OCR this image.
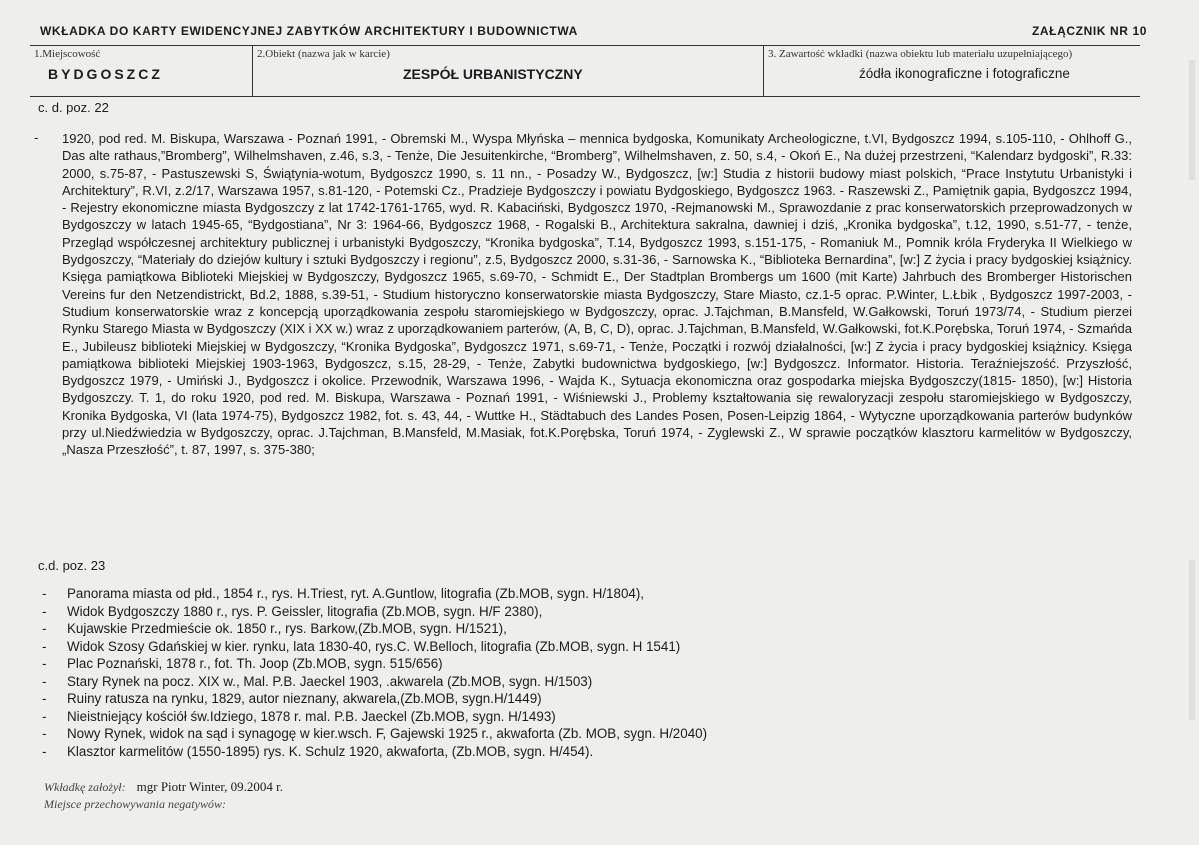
WKŁADKA DO KARTY EWIDENCYJNEJ ZABYTKÓW ARCHITEKTURY I BUDOWNICTWA	ZAŁĄCZNIK NR 10
1.Miejscowość
BYDGOSZCZ
2.Obiekt (nazwa jak w karcie)
ZESPÓŁ URBANISTYCZNY
3. Zawartość wkładki (nazwa obiektu lub materiału uzupełniającego)
źódła ikonograficzne i fotograficzne
c. d. poz. 22
- 1920, pod red. M. Biskupa, Warszawa - Poznań 1991, - Obremski M., Wyspa Młyńska – mennica bydgoska, Komunikaty Archeologiczne, t.VI, Bydgoszcz 1994, s.105-110, - Ohlhoff G., Das alte rathaus,”Bromberg”, Wilhelmshaven, z.46, s.3, - Tenże, Die Jesuitenkirche, “Bromberg”, Wilhelmshaven, z. 50, s.4, - Okoń E., Na dużej przestrzeni, “Kalendarz bydgoski”, R.33: 2000, s.75-87, - Pastuszewski S, Świątynia-wotum, Bydgoszcz 1990, s. 11 nn., - Posadzy W., Bydgoszcz, [w:] Studia z historii budowy miast polskich, “Prace Instytutu Urbanistyki i Architektury”, R.VI, z.2/17, Warszawa 1957, s.81-120, - Potemski Cz., Pradzieje Bydgoszczy i powiatu Bydgoskiego, Bydgoszcz 1963. - Raszewski Z., Pamiętnik gapia, Bydgoszcz 1994, - Rejestry ekonomiczne miasta Bydgoszczy z lat 1742-1761-1765, wyd. R. Kabaciński, Bydgoszcz 1970, -Rejmanowski M., Sprawozdanie z prac konserwatorskich przeprowadzonych w Bydgoszczy w latach 1945-65, “Bydgostiana”, Nr 3: 1964-66, Bydgoszcz 1968, - Rogalski B., Architektura sakralna, dawniej i dziś, „Kronika bydgoska”, t.12, 1990, s.51-77, - tenże, Przegląd współczesnej architektury publicznej i urbanistyki Bydgoszczy, “Kronika bydgoska”, T.14, Bydgoszcz 1993, s.151-175, - Romaniuk M., Pomnik króla Fryderyka II Wielkiego w Bydgoszczy, “Materiały do dziejów kultury i sztuki Bydgoszczy i regionu”, z.5, Bydgoszcz 2000, s.31-36, - Sarnowska K., “Biblioteka Bernardina”, [w:] Z życia i pracy bydgoskiej książnicy. Księga pamiątkowa Biblioteki Miejskiej w Bydgoszczy, Bydgoszcz 1965, s.69-70, - Schmidt E., Der Stadtplan Brombergs um 1600 (mit Karte) Jahrbuch des Bromberger Historischen Vereins fur den Netzendistrickt, Bd.2, 1888, s.39-51, - Studium historyczno konserwatorskie miasta Bydgoszczy, Stare Miasto, cz.1-5 oprac. P.Winter, L.Łbik , Bydgoszcz 1997-2003, - Studium konserwatorskie wraz z koncepcją uporządkowania zespołu staromiejskiego w Bydgoszczy, oprac. J.Tajchman, B.Mansfeld, W.Gałkowski, Toruń 1973/74, - Studium pierzei Rynku Starego Miasta w Bydgoszczy (XIX i XX w.) wraz z uporządkowaniem parterów, (A, B, C, D), oprac. J.Tajchman, B.Mansfeld, W.Gałkowski, fot.K.Porębska, Toruń 1974, - Szmańda E., Jubileusz biblioteki Miejskiej w Bydgoszczy, “Kronika Bydgoska”, Bydgoszcz 1971, s.69-71, - Tenże, Początki i rozwój działalności, [w:] Z życia i pracy bydgoskiej książnicy. Księga pamiątkowa biblioteki Miejskiej 1903-1963, Bydgoszcz, s.15, 28-29, - Tenże, Zabytki budownictwa bydgoskiego, [w:] Bydgoszcz. Informator. Historia. Teraźniejszość. Przyszłość, Bydgoszcz 1979, - Umiński J., Bydgoszcz i okolice. Przewodnik, Warszawa 1996, - Wajda K., Sytuacja ekonomiczna oraz gospodarka miejska Bydgoszczy(1815- 1850), [w:] Historia Bydgoszczy. T. 1, do roku 1920, pod red. M. Biskupa, Warszawa - Poznań 1991, - Wiśniewski J., Problemy kształtowania się rewaloryzacji zespołu staromiejskiego w Bydgoszczy, Kronika Bydgoska, VI (lata 1974-75), Bydgoszcz 1982, fot. s. 43, 44, - Wuttke H., Städtabuch des Landes Posen, Posen-Leipzig 1864, - Wytyczne uporządkowania parterów budynków przy ul.Niedźwiedzia w Bydgoszczy, oprac. J.Tajchman, B.Mansfeld, M.Masiak, fot.K.Porębska, Toruń 1974, - Zyglewski Z., W sprawie początków klasztoru karmelitów w Bydgoszczy, „Nasza Przeszłość”, t. 87, 1997, s. 375-380;
c.d. poz. 23
- Panorama miasta od płd., 1854 r., rys. H.Triest, ryt. A.Guntlow, litografia (Zb.MOB, sygn. H/1804),
- Widok Bydgoszczy 1880 r., rys. P. Geissler, litografia (Zb.MOB, sygn. H/F 2380),
- Kujawskie Przedmieście ok. 1850 r., rys. Barkow,(Zb.MOB, sygn. H/1521),
- Widok Szosy Gdańskiej w kier. rynku, lata 1830-40, rys.C. W.Belloch, litografia (Zb.MOB, sygn. H 1541)
- Plac Poznański, 1878 r., fot. Th. Joop (Zb.MOB, sygn. 515/656)
- Stary Rynek na pocz. XIX w., Mal. P.B. Jaeckel 1903, .akwarela (Zb.MOB, sygn. H/1503)
- Ruiny ratusza na rynku, 1829, autor nieznany, akwarela,(Zb.MOB, sygn.H/1449)
- Nieistniejący kościół św.Idziego, 1878 r. mal. P.B. Jaeckel (Zb.MOB, sygn. H/1493)
- Nowy Rynek, widok na sąd i synagogę w kier.wsch. F, Gajewski 1925 r., akwaforta (Zb. MOB, sygn. H/2040)
- Klasztor karmelitów (1550-1895) rys. K. Schulz 1920, akwaforta, (Zb.MOB, sygn. H/454).
Wkładkę założył: mgr Piotr Winter, 09.2004 r.
Miejsce przechowywania negatywów:
